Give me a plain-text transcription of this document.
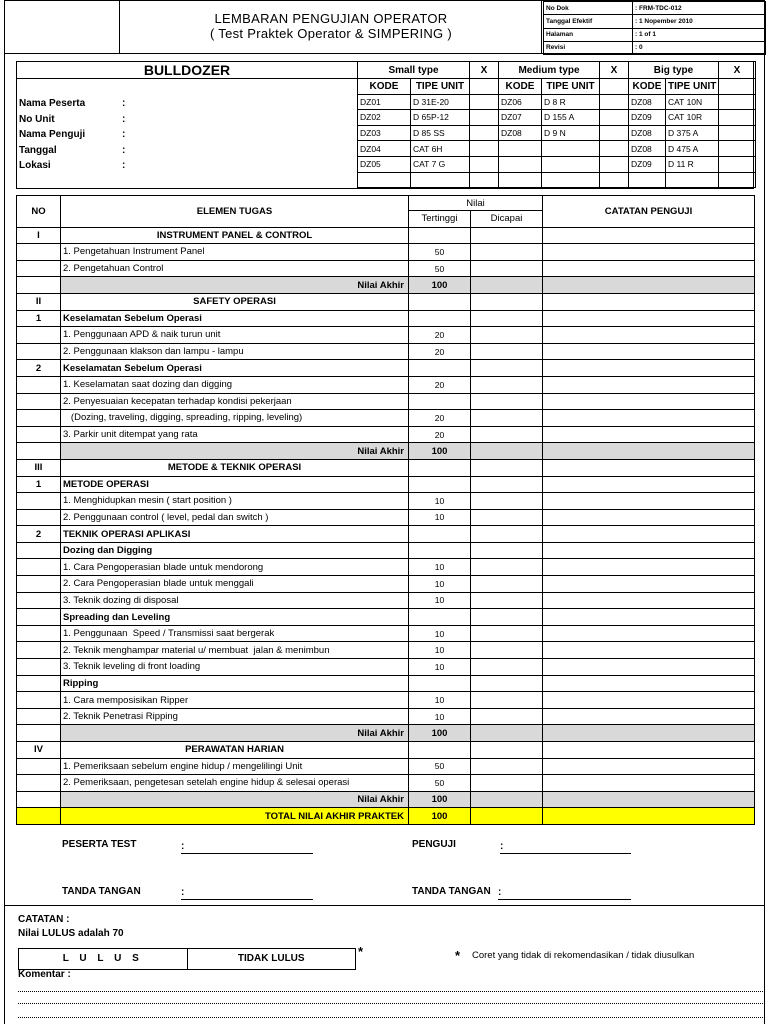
LEMBARAN PENGUJIAN OPERATOR
( Test Praktek Operator & SIMPERING )
No Dok	: FRM-TDC-012
Tanggal Efektif	: 1 Nopember 2010
Halaman	: 1 of 1
Revisi	: 0
BULLDOZER
Nama Peserta	:
No Unit	:
Nama Penguji	:
Tanggal	:
Lokasi	:
Small type		X	Medium type		X	Big type		X
KODE	TIPE UNIT		KODE	TIPE UNIT		KODE	TIPE UNIT	
DZ01	D 31E-20		DZ06	D 8 R		DZ08	CAT 10N	
DZ02	D 65P-12		DZ07	D 155 A		DZ09	CAT 10R	
DZ03	D 85 SS		DZ08	D 9 N		DZ08	D 375 A	
DZ04	CAT 6H					DZ08	D 475 A	
DZ05	CAT 7 G					DZ09	D 11 R	

NO	ELEMEN TUGAS	Nilai		CATATAN PENGUJI
		Tertinggi	Dicapai	
I	INSTRUMENT PANEL & CONTROL			
	1. Pengetahuan Instrument Panel	50		
	2. Pengetahuan Control	50		
	Nilai Akhir	100		
II	SAFETY OPERASI			
1	Keselamatan Sebelum Operasi			
	1. Penggunaan APD & naik turun unit	20		
	2. Penggunaan klakson dan lampu - lampu	20		
2	Keselamatan Sebelum Operasi			
	1. Keselamatan saat dozing dan digging	20		
	2. Penyesuaian kecepatan terhadap kondisi pekerjaan			
	(Dozing, traveling, digging, spreading, ripping, leveling)	20		
	3. Parkir unit ditempat yang rata	20		
	Nilai Akhir	100		
III	METODE & TEKNIK OPERASI			
1	METODE OPERASI			
	1. Menghidupkan mesin ( start position )	10		
	2. Penggunaan control ( level, pedal dan switch )	10		
2	TEKNIK OPERASI APLIKASI			
	Dozing dan Digging			
	1. Cara Pengoperasian blade untuk mendorong	10		
	2. Cara Pengoperasian blade untuk menggali	10		
	3. Teknik dozing di disposal	10		
	Spreading dan Leveling			
	1. Penggunaan  Speed / Transmissi saat bergerak	10		
	2. Teknik menghampar material u/ membuat  jalan & menimbun	10		
	3. Teknik leveling di front loading	10		
	Ripping			
	1. Cara memposisikan Ripper	10		
	2. Teknik Penetrasi Ripping	10		
	Nilai Akhir	100		
IV	PERAWATAN HARIAN			
	1. Pemeriksaan sebelum engine hidup / mengelilingi Unit	50		
	2. Pemeriksaan, pengetesan setelah engine hidup & selesai operasi	50		
	Nilai Akhir	100		
	TOTAL NILAI AKHIR PRAKTEK	100		
PESERTA TEST	:	PENGUJI	:
TANDA TANGAN	:	TANDA TANGAN :
CATATAN :
Nilai LULUS adalah 70
L U L U S	TIDAK LULUS	*	* Coret yang tidak di rekomendasikan / tidak diusulkan
Komentar :
